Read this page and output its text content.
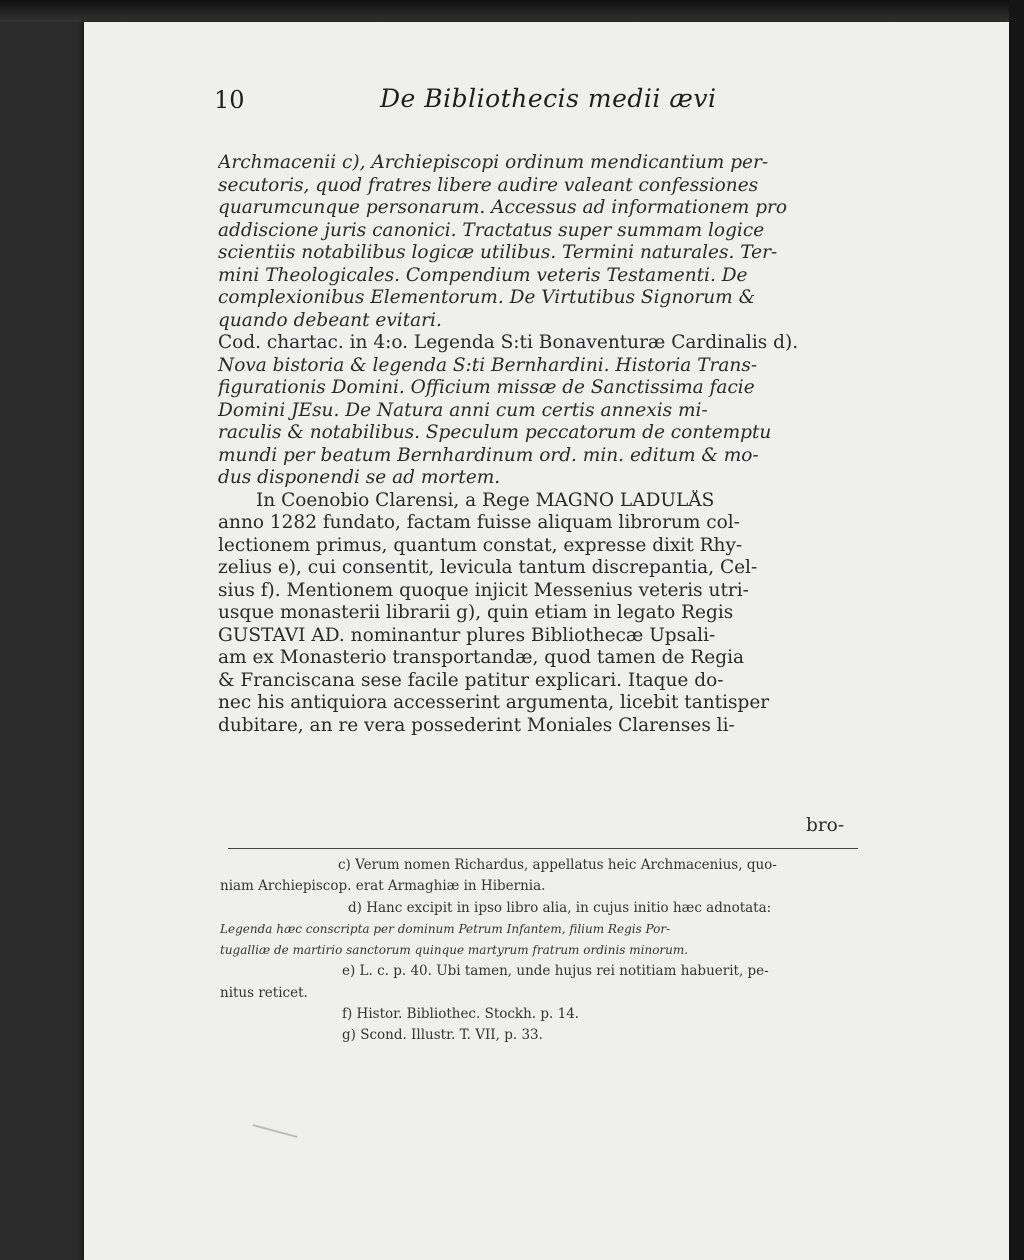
10	De Bibliothecis medii ævi
Archmacenii c), Archiepiscopi ordinum mendicantium per-
secutoris, quod fratres libere audire valeant confessiones
quarumcunque personarum. Accessus ad informationem pro
addiscione juris canonici. Tractatus super summam logice
scientiis notabilibus logicæ utilibus. Termini naturales. Ter-
mini Theologicales. Compendium veteris Testamenti. De
complexionibus Elementorum. De Virtutibus Signorum &
quando debeant evitari.
Cod. chartac. in 4:o. Legenda S:ti Bonaventuræ Cardinalis d).
Nova bistoria & legenda S:ti Bernhardini. Historia Trans-
figurationis Domini. Officium missæ de Sanctissima facie
Domini JEsu. De Natura anni cum certis annexis mi-
raculis & notabilibus. Speculum peccatorum de contemptu
mundi per beatum Bernhardinum ord. min. editum & mo-
dus disponendi se ad mortem.
In Coenobio Clarensi, a Rege MAGNO LADULÅS
anno 1282 fundato, factam fuisse aliquam librorum col-
lectionem primus, quantum constat, expresse dixit Rhy-
zelius e), cui consentit, levicula tantum discrepantia, Cel-
sius f). Mentionem quoque injicit Messenius veteris utri-
usque monasterii librarii g), quin etiam in legato Regis
GUSTAVI AD. nominantur plures Bibliothecæ Upsali-
am ex Monasterio transportandæ, quod tamen de Regia
& Franciscana sese facile patitur explicari. Itaque do-
nec his antiquiora accesserint argumenta, licebit tantisper
dubitare, an re vera possederint Moniales Clarenses li-
bro-
c) Verum nomen Richardus, appellatus heic Archmacenius, quo-
niam Archiepiscop. erat Armaghiæ in Hibernia.
d) Hanc excipit in ipso libro alia, in cujus initio hæc adnotata:
Legenda hæc conscripta per dominum Petrum Infantem, filium Regis Por-
tugalliæ de martirio sanctorum quinque martyrum fratrum ordinis minorum.
e) L. c. p. 40. Ubi tamen, unde hujus rei notitiam habuerit, pe-
nitus reticet.
f) Histor. Bibliothec. Stockh. p. 14.
g) Scond. Illustr. T. VII, p. 33.
